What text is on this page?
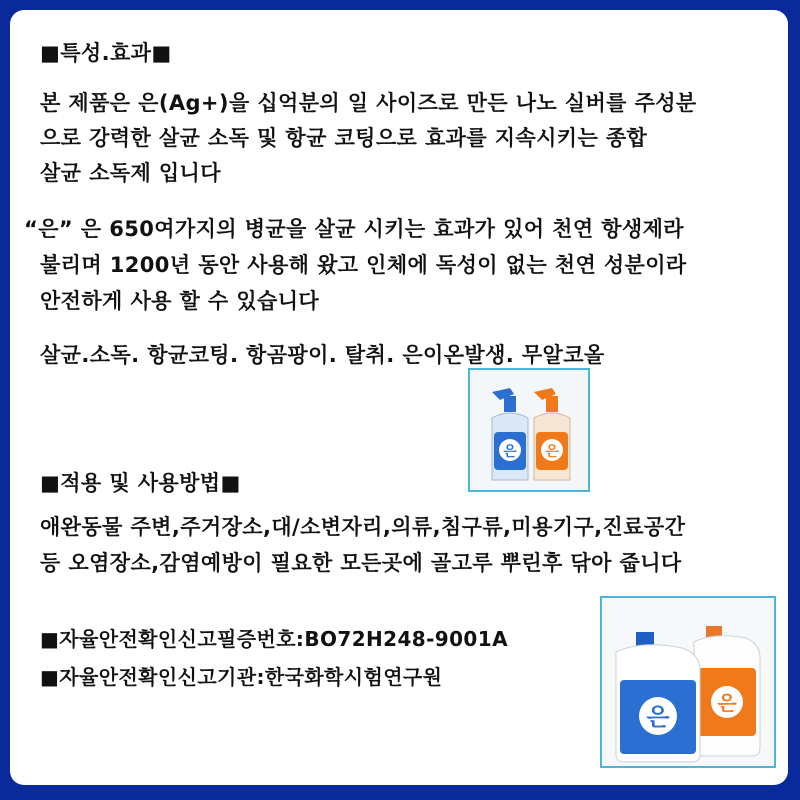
■특성.효과■
본 제품은 은(Ag+)을 십억분의 일 사이즈로 만든 나노 실버를 주성분
으로 강력한 살균 소독 및 항균 코팅으로 효과를 지속시키는 종합
살균 소독제 입니다
“은” 은 650여가지의 병균을 살균 시키는 효과가 있어 천연 항생제라
불리며 1200년 동안 사용해 왔고 인체에 독성이 없는 천연 성분이라
안전하게 사용 할 수 있습니다
살균.소독. 항균코팅. 항곰팡이. 탈취. 은이온발생. 무알코올
은 은
■적용 및 사용방법■
애완동물 주변,주거장소,대/소변자리,의류,침구류,미용기구,진료공간
등 오염장소,감염예방이 필요한 모든곳에 골고루 뿌린후 닦아 줍니다
■자율안전확인신고필증번호:BO72H248-9001A
■자율안전확인신고기관:한국화학시험연구원
은
은
